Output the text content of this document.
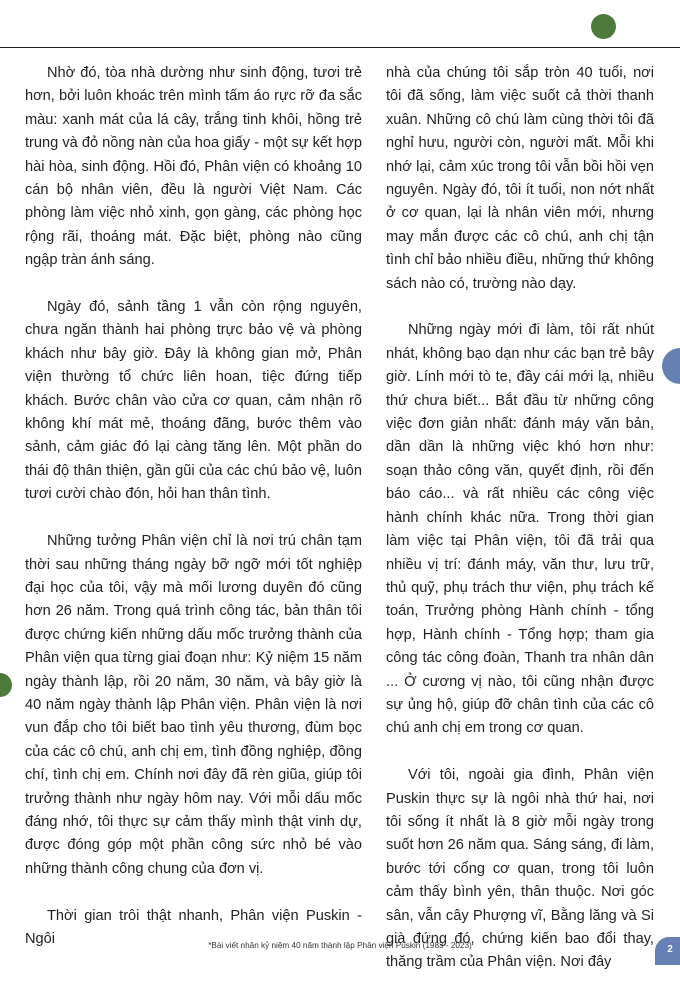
Nhờ đó, tòa nhà dường như sinh động, tươi trẻ hơn, bởi luôn khoác trên mình tấm áo rực rỡ đa sắc màu: xanh mát của lá cây, trắng tinh khôi, hồng trẻ trung và đỏ nồng nàn của hoa giấy - một sự kết hợp hài hòa, sinh động. Hồi đó, Phân viện có khoảng 10 cán bộ nhân viên, đều là người Việt Nam. Các phòng làm việc nhỏ xinh, gọn gàng, các phòng học rộng rãi, thoáng mát. Đặc biệt, phòng nào cũng ngập tràn ánh sáng.

Ngày đó, sảnh tầng 1 vẫn còn rộng nguyên, chưa ngăn thành hai phòng trực bảo vệ và phòng khách như bây giờ. Đây là không gian mở, Phân viện thường tổ chức liên hoan, tiệc đứng tiếp khách. Bước chân vào cửa cơ quan, cảm nhận rõ không khí mát mẻ, thoáng đãng, bước thêm vào sảnh, cảm giác đó lại càng tăng lên. Một phần do thái độ thân thiện, gần gũi của các chú bảo vệ, luôn tươi cười chào đón, hỏi han thân tình.

Những tưởng Phân viện chỉ là nơi trú chân tạm thời sau những tháng ngày bỡ ngỡ mới tốt nghiệp đại học của tôi, vậy mà mối lương duyên đó cũng hơn 26 năm. Trong quá trình công tác, bản thân tôi được chứng kiến những dấu mốc trưởng thành của Phân viện qua từng giai đoạn như: Kỷ niệm 15 năm ngày thành lập, rồi 20 năm, 30 năm, và bây giờ là 40 năm ngày thành lập Phân viện. Phân viện là nơi vun đắp cho tôi biết bao tình yêu thương, đùm bọc của các cô chú, anh chị em, tình đồng nghiệp, đồng chí, tình chị em. Chính nơi đây đã rèn giũa, giúp tôi trưởng thành như ngày hôm nay. Với mỗi dấu mốc đáng nhớ, tôi thực sự cảm thấy mình thật vinh dự, được đóng góp một phần công sức nhỏ bé vào những thành công chung của đơn vị.

Thời gian trôi thật nhanh, Phân viện Puskin - Ngôi

nhà của chúng tôi sắp tròn 40 tuổi, nơi tôi đã sống, làm việc suốt cả thời thanh xuân. Những cô chú làm cùng thời tôi đã nghỉ hưu, người còn, người mất. Mỗi khi nhớ lại, cảm xúc trong tôi vẫn bồi hồi vẹn nguyên. Ngày đó, tôi ít tuổi, non nớt nhất ở cơ quan, lại là nhân viên mới, nhưng may mắn được các cô chú, anh chị tận tình chỉ bảo nhiều điều, những thứ không sách nào có, trường nào dạy.

Những ngày mới đi làm, tôi rất nhút nhát, không bạo dạn như các bạn trẻ bây giờ. Lính mới tò te, đầy cái mới lạ, nhiều thứ chưa biết... Bắt đầu từ những công việc đơn giản nhất: đánh máy văn bản, dần dần là những việc khó hơn như: soạn thảo công văn, quyết định, rồi đến báo cáo... và rất nhiều các công việc hành chính khác nữa. Trong thời gian làm việc tại Phân viện, tôi đã trải qua nhiều vị trí: đánh máy, văn thư, lưu trữ, thủ quỹ, phụ trách thư viện, phụ trách kế toán, Trưởng phòng Hành chính - tổng hợp, Hành chính - Tổng hợp; tham gia công tác công đoàn, Thanh tra nhân dân ... Ở cương vị nào, tôi cũng nhận được sự ủng hộ, giúp đỡ chân tình của các cô chú anh chị em trong cơ quan.

Với tôi, ngoài gia đình, Phân viện Puskin thực sự là ngôi nhà thứ hai, nơi tôi sống ít nhất là 8 giờ mỗi ngày trong suốt hơn 26 năm qua. Sáng sáng, đi làm, bước tới cổng cơ quan, trong tôi luôn cảm thấy bình yên, thân thuộc. Nơi góc sân, vẫn cây Phượng vĩ, Bằng lăng và Si già đứng đó, chứng kiến bao đổi thay, thăng trầm của Phân viện. Nơi đây

*Bài viết nhân kỷ niệm 40 năm thành lập Phân viện Puskin (1983 - 2023)	2
